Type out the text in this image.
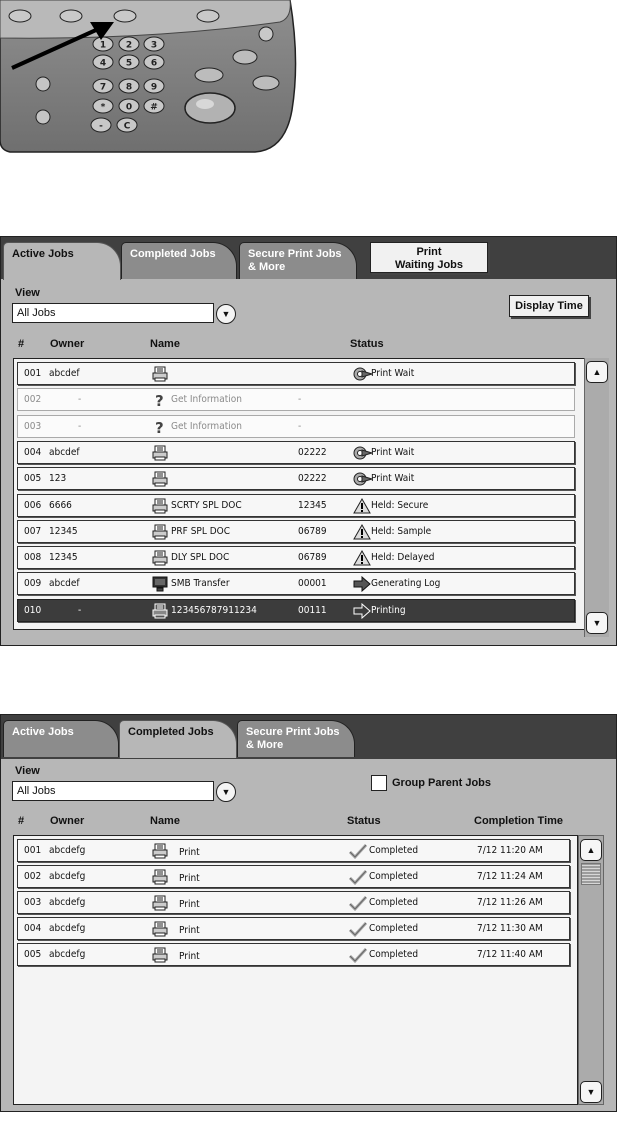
1 2 3
4 5 6
7 8 9
* 0 #
- C
Active Jobs	Completed Jobs	Secure Print Jobs
& More
Print
Waiting Jobs
View
All Jobs	▼
Display Time
# Owner	Name	Status
001 abcdef	Print Wait
002	-	? Get Information	-
003	-	? Get Information	-
004 abcdef	02222	Print Wait
005 123	02222	Print Wait
006 6666	SCRTY SPL DOC	12345	Held: Secure
007 12345	PRF SPL DOC	06789	Held: Sample
008 12345	DLY SPL DOC	06789	Held: Delayed
009 abcdef	SMB Transfer	00001	Generating Log
010	-	123456787911234	00111	Printing
▲
▼
Active Jobs	Completed Jobs	Secure Print Jobs
& More
View
All Jobs	▼
Group Parent Jobs
# Owner	Name	Status	Completion Time
001 abcdefg	Print	Completed	7/12 11:20 AM
002 abcdefg	Print	Completed	7/12 11:24 AM
003 abcdefg	Print	Completed	7/12 11:26 AM
004 abcdefg	Print	Completed	7/12 11:30 AM
005 abcdefg	Print	Completed	7/12 11:40 AM
▲
▼
